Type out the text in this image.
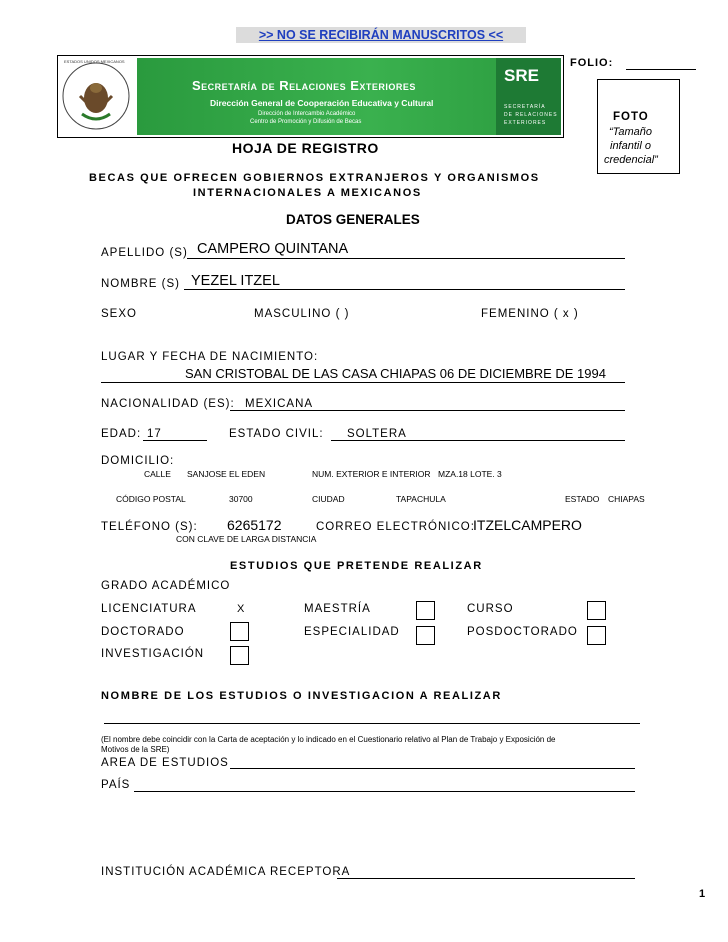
>> NO SE RECIBIRÁN MANUSCRITOS <<
FOLIO:
ESTADOS UNIDOS MEXICANOS
Secretaría de Relaciones Exteriores
Dirección General de Cooperación Educativa y Cultural
Dirección de Intercambio Académico
Centro de Promoción y Difusión de Becas
SRE
SECRETARÍA
DE RELACIONES
EXTERIORES	FOTO
“Tamaño
infantil o
credencial”
HOJA DE REGISTRO
BECAS QUE OFRECEN GOBIERNOS EXTRANJEROS Y ORGANISMOS
INTERNACIONALES A MEXICANOS
DATOS GENERALES
APELLIDO (S) CAMPERO QUINTANA
NOMBRE (S) YEZEL ITZEL
SEXO	MASCULINO ( )	FEMENINO ( x )
LUGAR Y FECHA DE NACIMIENTO:
SAN CRISTOBAL DE LAS CASA CHIAPAS 06 DE DICIEMBRE DE 1994
NACIONALIDAD (ES): MEXICANA
EDAD: 17	ESTADO CIVIL: SOLTERA
DOMICILIO:
CALLE SANJOSE EL EDEN	NUM. EXTERIOR E INTERIOR MZA.18 LOTE. 3
CÓDIGO POSTAL	30700	CIUDAD	TAPACHULA	ESTADO CHIAPAS
TELÉFONO (S): 6265172	CORREO ELECTRÓNICO:
ITZELCAMPERO
CON CLAVE DE LARGA DISTANCIA
ESTUDIOS QUE PRETENDE REALIZAR
GRADO ACADÉMICO
LICENCIATURA	X	MAESTRÍA	CURSO
DOCTORADO	ESPECIALIDAD	POSDOCTORADO
INVESTIGACIÓN
NOMBRE DE LOS ESTUDIOS O INVESTIGACION A REALIZAR
(El nombre debe coincidir con la Carta de aceptación y lo indicado en el Cuestionario relativo al Plan de Trabajo y Exposición de
Motivos de la SRE)
AREA DE ESTUDIOS
PAÍS
INSTITUCIÓN ACADÉMICA RECEPTORA
1
